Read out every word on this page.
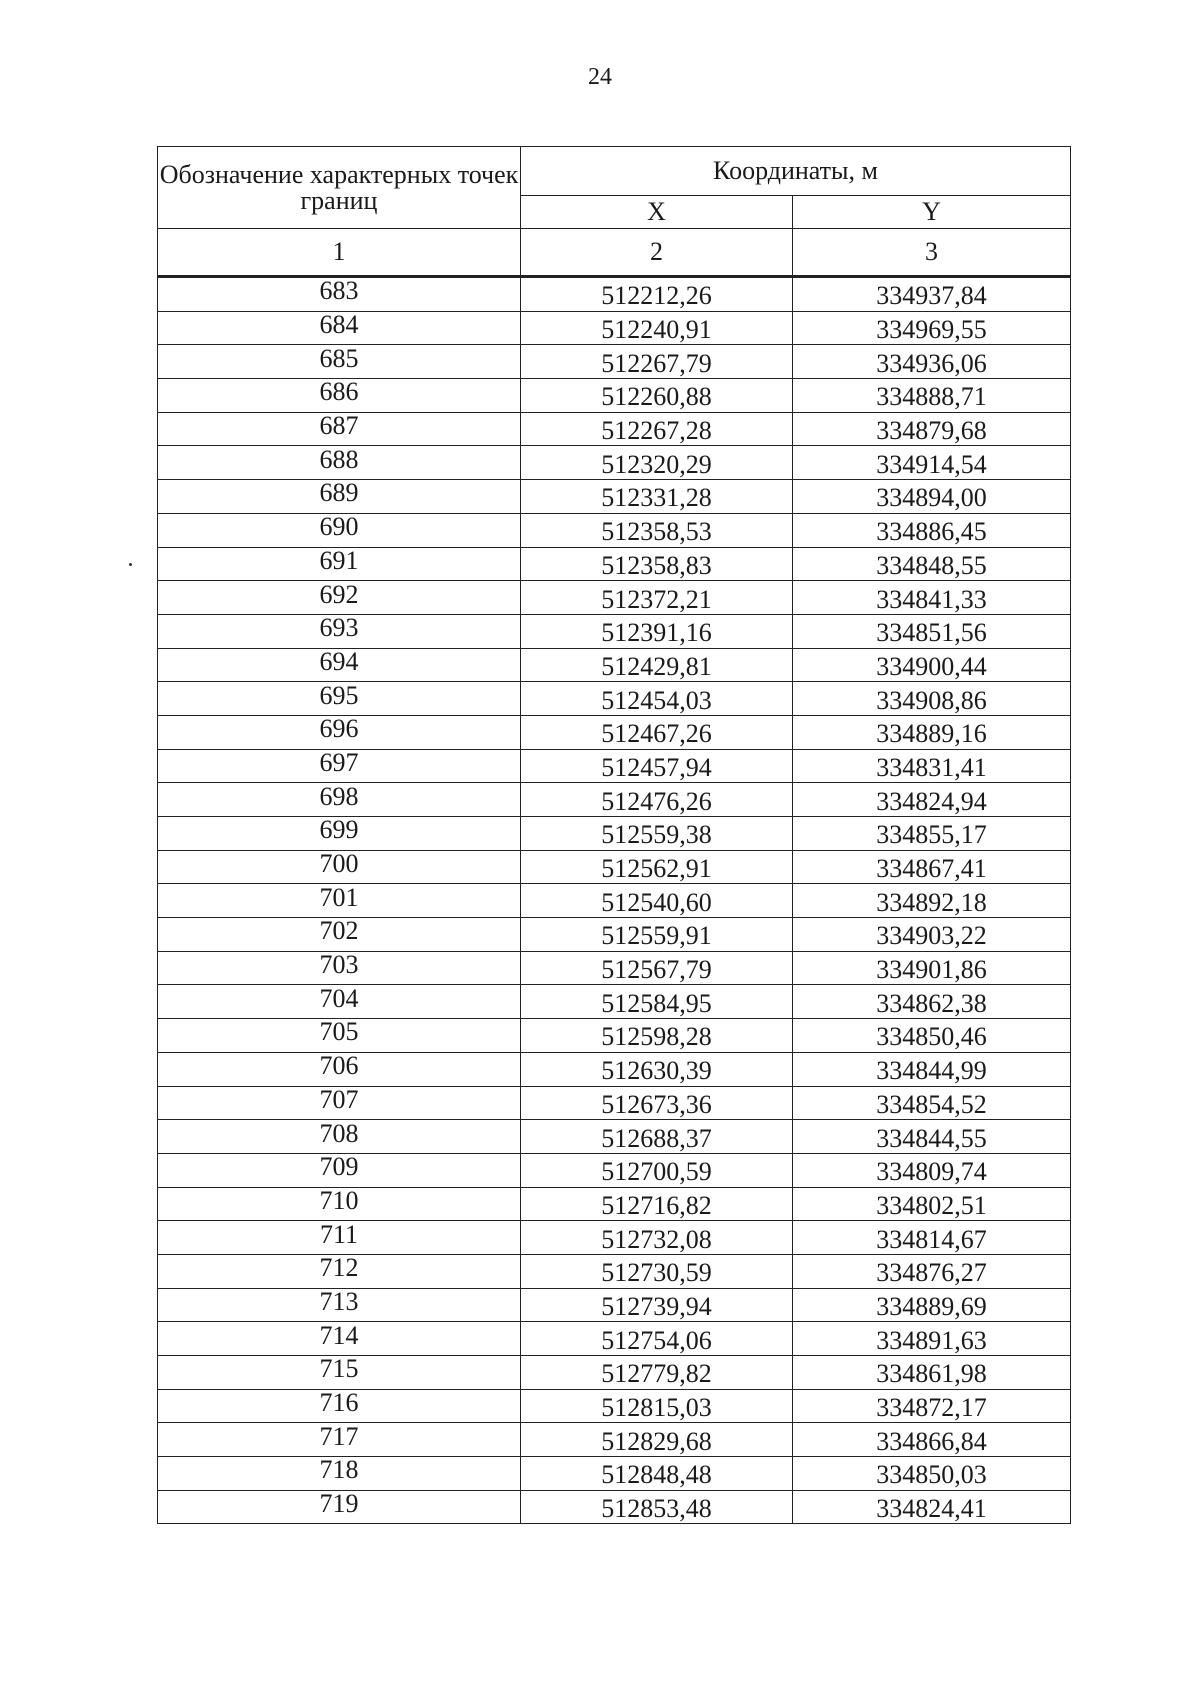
24
Обозначение характерных точек границ	Координаты, м	
	X	Y
1	2	3
683	512212,26	334937,84
684	512240,91	334969,55
685	512267,79	334936,06
686	512260,88	334888,71
687	512267,28	334879,68
688	512320,29	334914,54
689	512331,28	334894,00
690	512358,53	334886,45
691	512358,83	334848,55
692	512372,21	334841,33
693	512391,16	334851,56
694	512429,81	334900,44
695	512454,03	334908,86
696	512467,26	334889,16
697	512457,94	334831,41
698	512476,26	334824,94
699	512559,38	334855,17
700	512562,91	334867,41
701	512540,60	334892,18
702	512559,91	334903,22
703	512567,79	334901,86
704	512584,95	334862,38
705	512598,28	334850,46
706	512630,39	334844,99
707	512673,36	334854,52
708	512688,37	334844,55
709	512700,59	334809,74
710	512716,82	334802,51
711	512732,08	334814,67
712	512730,59	334876,27
713	512739,94	334889,69
714	512754,06	334891,63
715	512779,82	334861,98
716	512815,03	334872,17
717	512829,68	334866,84
718	512848,48	334850,03
719	512853,48	334824,41
